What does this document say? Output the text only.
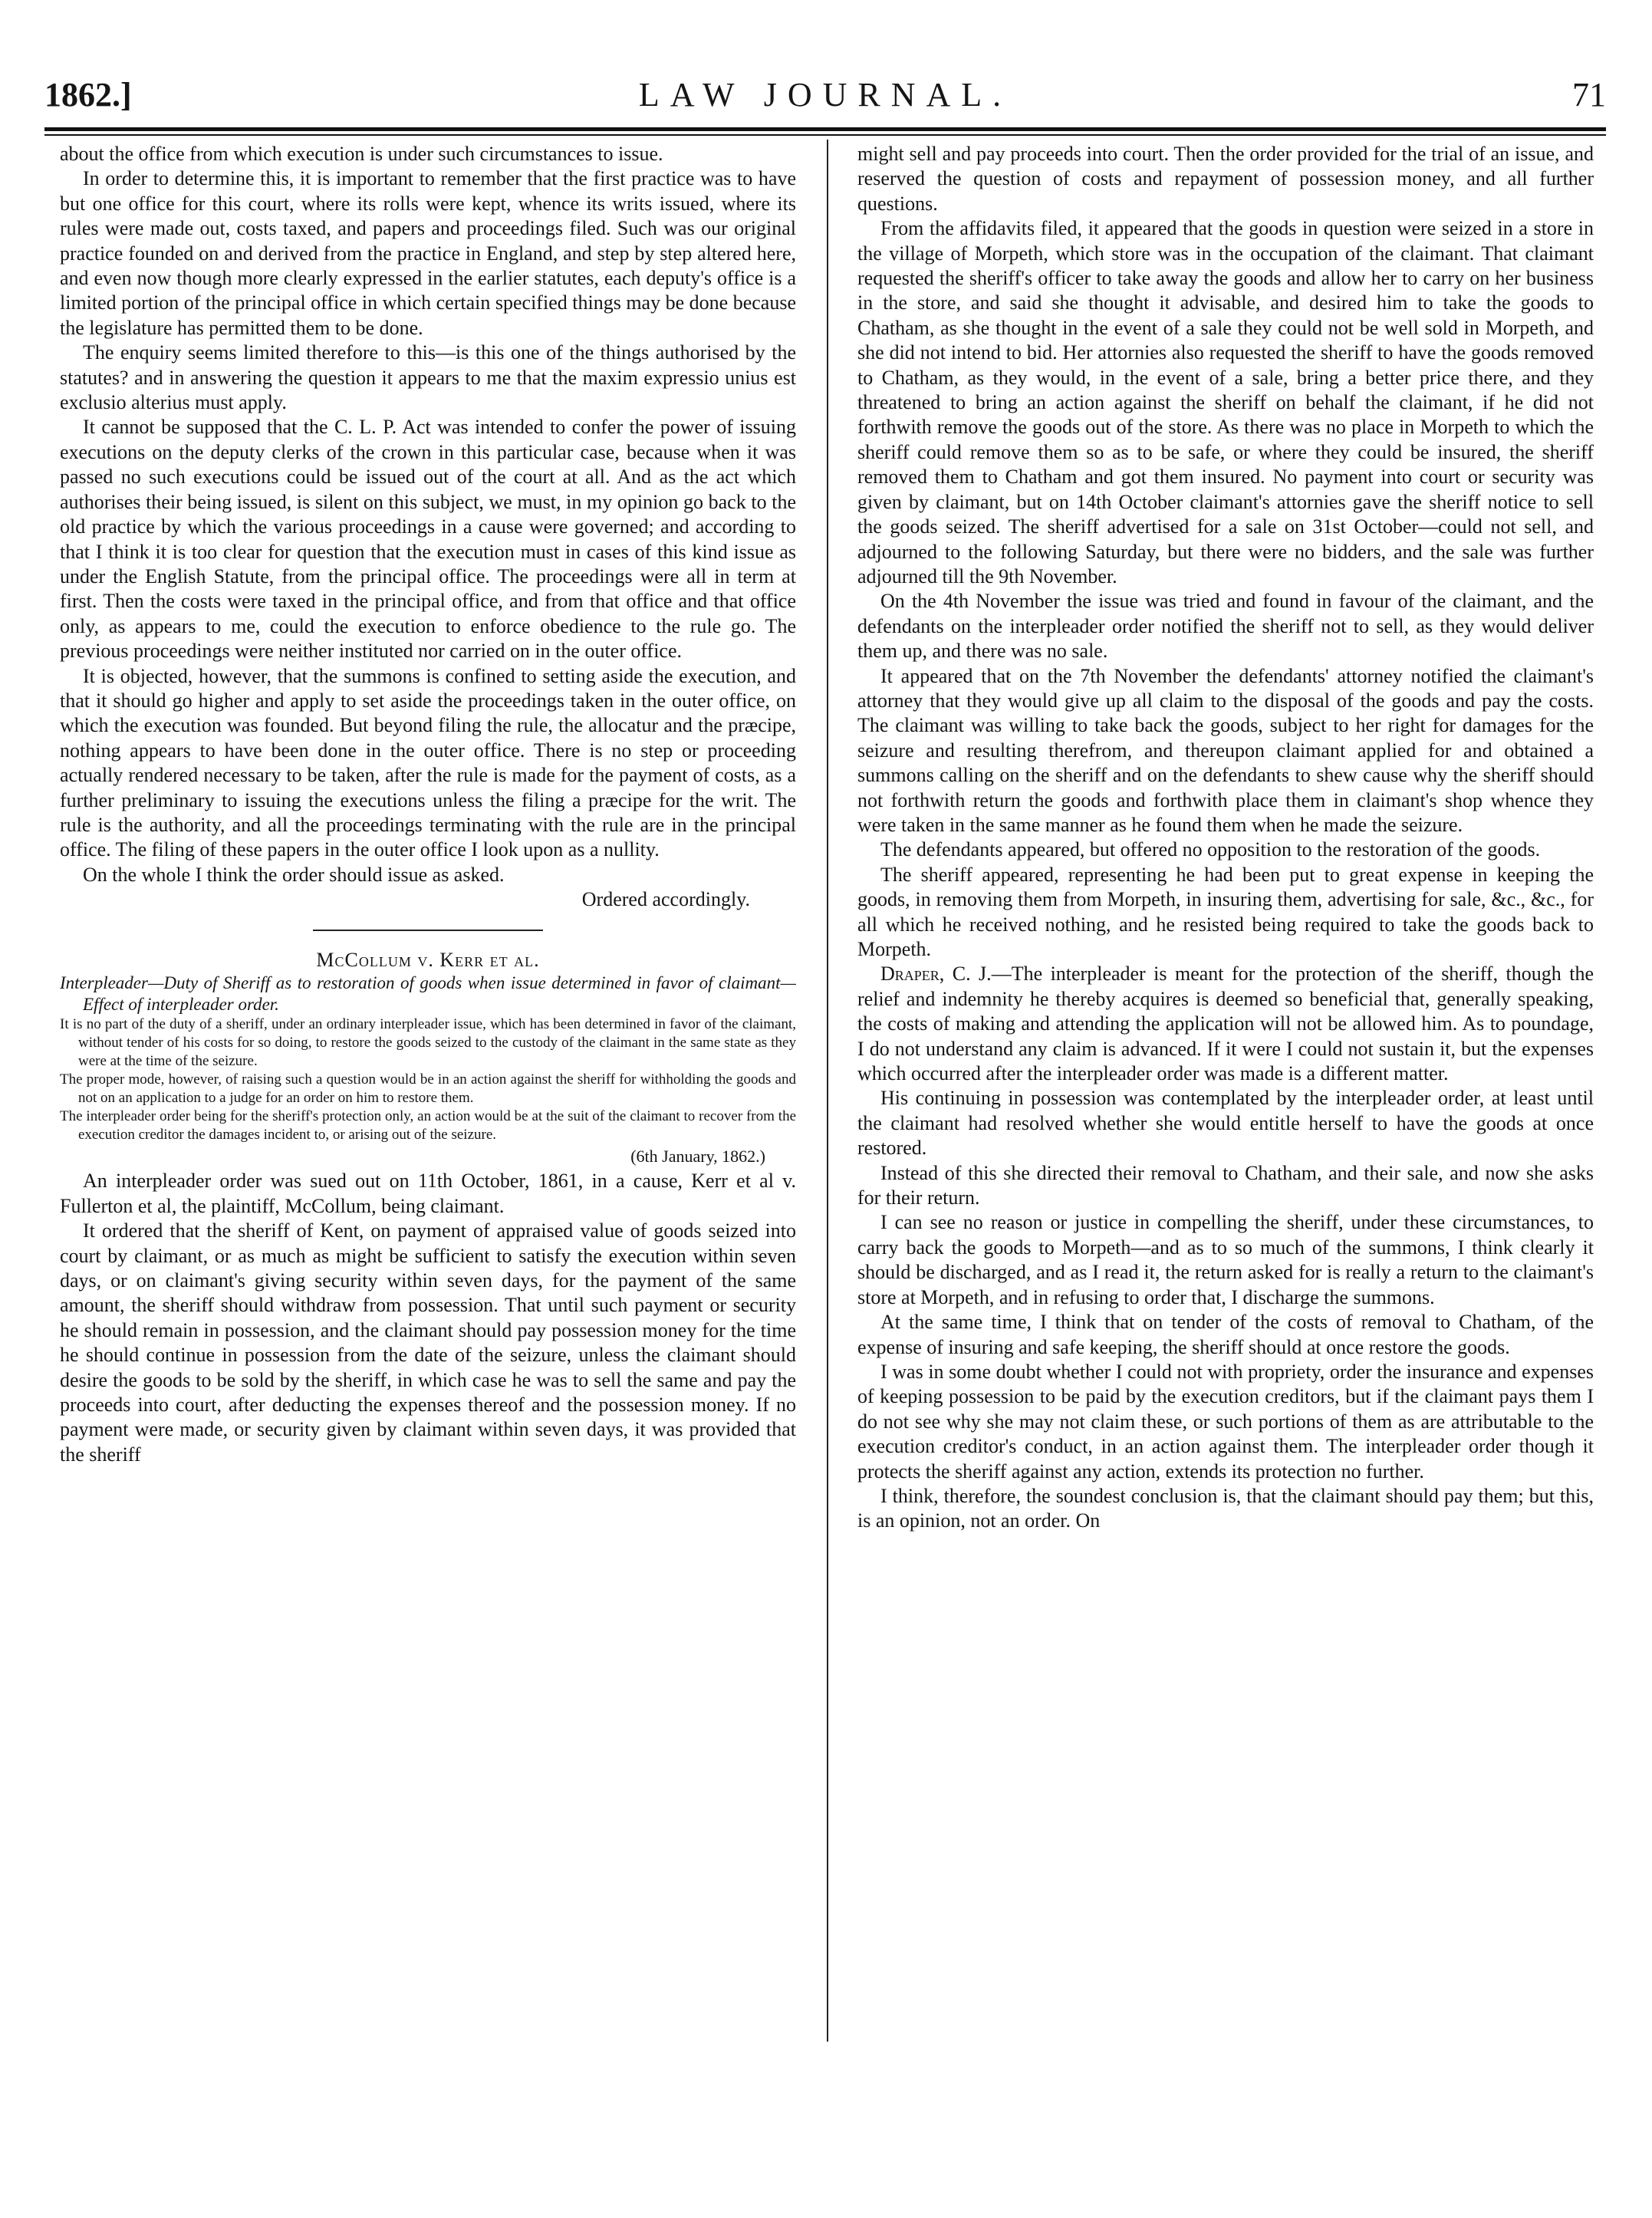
1862.]	LAW JOURNAL.	71

about the office from which execution is under such circumstances to issue.

In order to determine this, it is important to remember that the first practice was to have but one office for this court, where its rolls were kept, whence its writs issued, where its rules were made out, costs taxed, and papers and proceedings filed. Such was our original practice founded on and derived from the practice in England, and step by step altered here, and even now though more clearly expressed in the earlier statutes, each deputy's office is a limited portion of the principal office in which certain specified things may be done because the legislature has permitted them to be done.

The enquiry seems limited therefore to this—is this one of the things authorised by the statutes? and in answering the question it appears to me that the maxim expressio unius est exclusio alterius must apply.

It cannot be supposed that the C. L. P. Act was intended to confer the power of issuing executions on the deputy clerks of the crown in this particular case, because when it was passed no such executions could be issued out of the court at all. And as the act which authorises their being issued, is silent on this subject, we must, in my opinion go back to the old practice by which the various proceedings in a cause were governed; and according to that I think it is too clear for question that the execution must in cases of this kind issue as under the English Statute, from the principal office. The proceedings were all in term at first. Then the costs were taxed in the principal office, and from that office and that office only, as appears to me, could the execution to enforce obedience to the rule go. The previous proceedings were neither instituted nor carried on in the outer office.

It is objected, however, that the summons is confined to setting aside the execution, and that it should go higher and apply to set aside the proceedings taken in the outer office, on which the execution was founded. But beyond filing the rule, the allocatur and the præcipe, nothing appears to have been done in the outer office. There is no step or proceeding actually rendered necessary to be taken, after the rule is made for the payment of costs, as a further preliminary to issuing the executions unless the filing a præcipe for the writ. The rule is the authority, and all the proceedings terminating with the rule are in the principal office. The filing of these papers in the outer office I look upon as a nullity.

On the whole I think the order should issue as asked.

Ordered accordingly.

McCollum v. Kerr et al.

Interpleader—Duty of Sheriff as to restoration of goods when issue determined in favor of claimant—Effect of interpleader order.

It is no part of the duty of a sheriff, under an ordinary interpleader issue, which has been determined in favor of the claimant, without tender of his costs for so doing, to restore the goods seized to the custody of the claimant in the same state as they were at the time of the seizure.

The proper mode, however, of raising such a question would be in an action against the sheriff for withholding the goods and not on an application to a judge for an order on him to restore them.

The interpleader order being for the sheriff's protection only, an action would be at the suit of the claimant to recover from the execution creditor the damages incident to, or arising out of the seizure.

(6th January, 1862.)

An interpleader order was sued out on 11th October, 1861, in a cause, Kerr et al v. Fullerton et al, the plaintiff, McCollum, being claimant.

It ordered that the sheriff of Kent, on payment of appraised value of goods seized into court by claimant, or as much as might be sufficient to satisfy the execution within seven days, or on claimant's giving security within seven days, for the payment of the same amount, the sheriff should withdraw from possession. That until such payment or security he should remain in possession, and the claimant should pay possession money for the time he should continue in possession from the date of the seizure, unless the claimant should desire the goods to be sold by the sheriff, in which case he was to sell the same and pay the proceeds into court, after deducting the expenses thereof and the possession money. If no payment were made, or security given by claimant within seven days, it was provided that the sheriff

might sell and pay proceeds into court. Then the order provided for the trial of an issue, and reserved the question of costs and repayment of possession money, and all further questions.

From the affidavits filed, it appeared that the goods in question were seized in a store in the village of Morpeth, which store was in the occupation of the claimant. That claimant requested the sheriff's officer to take away the goods and allow her to carry on her business in the store, and said she thought it advisable, and desired him to take the goods to Chatham, as she thought in the event of a sale they could not be well sold in Morpeth, and she did not intend to bid. Her attornies also requested the sheriff to have the goods removed to Chatham, as they would, in the event of a sale, bring a better price there, and they threatened to bring an action against the sheriff on behalf the claimant, if he did not forthwith remove the goods out of the store. As there was no place in Morpeth to which the sheriff could remove them so as to be safe, or where they could be insured, the sheriff removed them to Chatham and got them insured. No payment into court or security was given by claimant, but on 14th October claimant's attornies gave the sheriff notice to sell the goods seized. The sheriff advertised for a sale on 31st October—could not sell, and adjourned to the following Saturday, but there were no bidders, and the sale was further adjourned till the 9th November.

On the 4th November the issue was tried and found in favour of the claimant, and the defendants on the interpleader order notified the sheriff not to sell, as they would deliver them up, and there was no sale.

It appeared that on the 7th November the defendants' attorney notified the claimant's attorney that they would give up all claim to the disposal of the goods and pay the costs. The claimant was willing to take back the goods, subject to her right for damages for the seizure and resulting therefrom, and thereupon claimant applied for and obtained a summons calling on the sheriff and on the defendants to shew cause why the sheriff should not forthwith return the goods and forthwith place them in claimant's shop whence they were taken in the same manner as he found them when he made the seizure.

The defendants appeared, but offered no opposition to the restoration of the goods.

The sheriff appeared, representing he had been put to great expense in keeping the goods, in removing them from Morpeth, in insuring them, advertising for sale, &c., &c., for all which he received nothing, and he resisted being required to take the goods back to Morpeth.

Draper, C. J.—The interpleader is meant for the protection of the sheriff, though the relief and indemnity he thereby acquires is deemed so beneficial that, generally speaking, the costs of making and attending the application will not be allowed him. As to poundage, I do not understand any claim is advanced. If it were I could not sustain it, but the expenses which occurred after the interpleader order was made is a different matter.

His continuing in possession was contemplated by the interpleader order, at least until the claimant had resolved whether she would entitle herself to have the goods at once restored.

Instead of this she directed their removal to Chatham, and their sale, and now she asks for their return.

I can see no reason or justice in compelling the sheriff, under these circumstances, to carry back the goods to Morpeth—and as to so much of the summons, I think clearly it should be discharged, and as I read it, the return asked for is really a return to the claimant's store at Morpeth, and in refusing to order that, I discharge the summons.

At the same time, I think that on tender of the costs of removal to Chatham, of the expense of insuring and safe keeping, the sheriff should at once restore the goods.

I was in some doubt whether I could not with propriety, order the insurance and expenses of keeping possession to be paid by the execution creditors, but if the claimant pays them I do not see why she may not claim these, or such portions of them as are attributable to the execution creditor's conduct, in an action against them. The interpleader order though it protects the sheriff against any action, extends its protection no further.

I think, therefore, the soundest conclusion is, that the claimant should pay them; but this, is an opinion, not an order. On
